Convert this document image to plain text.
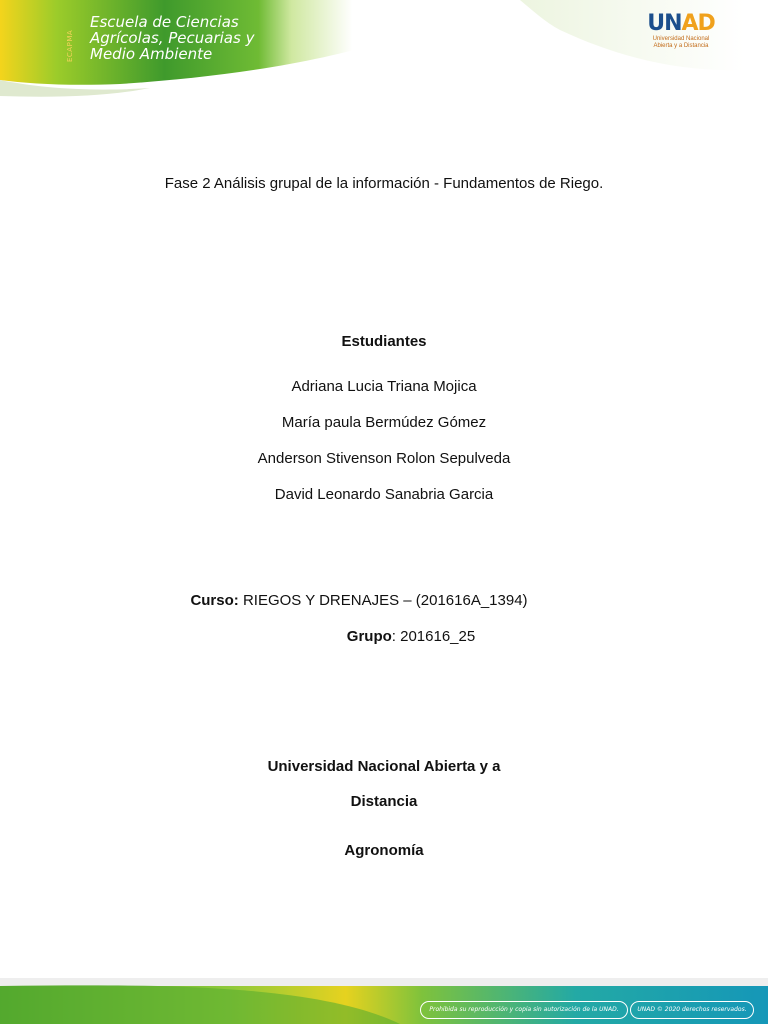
ECAPMA
Escuela de Ciencias
Agrícolas, Pecuarias y
Medio Ambiente
UNAD
Universidad Nacional
Abierta y a Distancia
Fase 2 Análisis grupal de la información - Fundamentos de Riego.
Estudiantes
Adriana Lucia Triana Mojica
María paula Bermúdez Gómez
Anderson Stivenson Rolon Sepulveda
David Leonardo Sanabria Garcia
Curso: RIEGOS Y DRENAJES – (201616A_1394)
Grupo: 201616_25
Universidad Nacional Abierta y a
Distancia
Agronomía
Prohibida su reproducción y copia sin autorización de la UNAD.	UNAD © 2020 derechos reservados.
